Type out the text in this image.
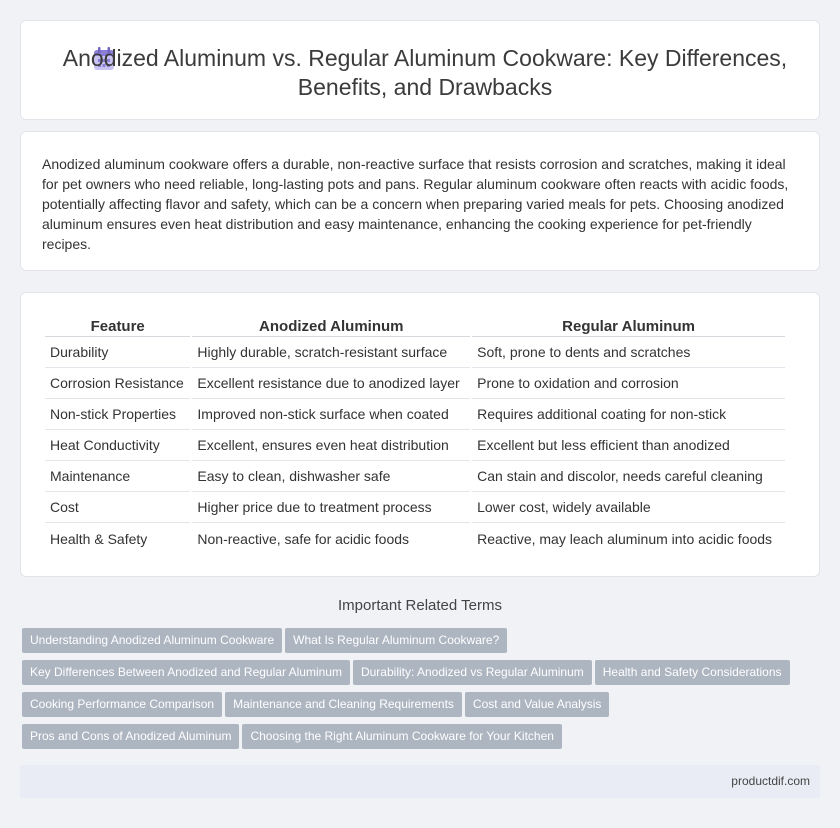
Anodized Aluminum vs. Regular Aluminum Cookware: Key Differences, Benefits, and Drawbacks

Anodized aluminum cookware offers a durable, non-reactive surface that resists corrosion and scratches, making it ideal for pet owners who need reliable, long-lasting pots and pans. Regular aluminum cookware often reacts with acidic foods, potentially affecting flavor and safety, which can be a concern when preparing varied meals for pets. Choosing anodized aluminum ensures even heat distribution and easy maintenance, enhancing the cooking experience for pet-friendly recipes.

Feature	Anodized Aluminum	Regular Aluminum
Durability	Highly durable, scratch-resistant surface	Soft, prone to dents and scratches
Corrosion Resistance	Excellent resistance due to anodized layer	Prone to oxidation and corrosion
Non-stick Properties	Improved non-stick surface when coated	Requires additional coating for non-stick
Heat Conductivity	Excellent, ensures even heat distribution	Excellent but less efficient than anodized
Maintenance	Easy to clean, dishwasher safe	Can stain and discolor, needs careful cleaning
Cost	Higher price due to treatment process	Lower cost, widely available
Health & Safety	Non-reactive, safe for acidic foods	Reactive, may leach aluminum into acidic foods
Important Related Terms
Understanding Anodized Aluminum Cookware What Is Regular Aluminum Cookware?
Key Differences Between Anodized and Regular Aluminum Durability: Anodized vs Regular Aluminum Health and Safety Considerations
Cooking Performance Comparison Maintenance and Cleaning Requirements Cost and Value Analysis
Pros and Cons of Anodized Aluminum Choosing the Right Aluminum Cookware for Your Kitchen
productdif.com
